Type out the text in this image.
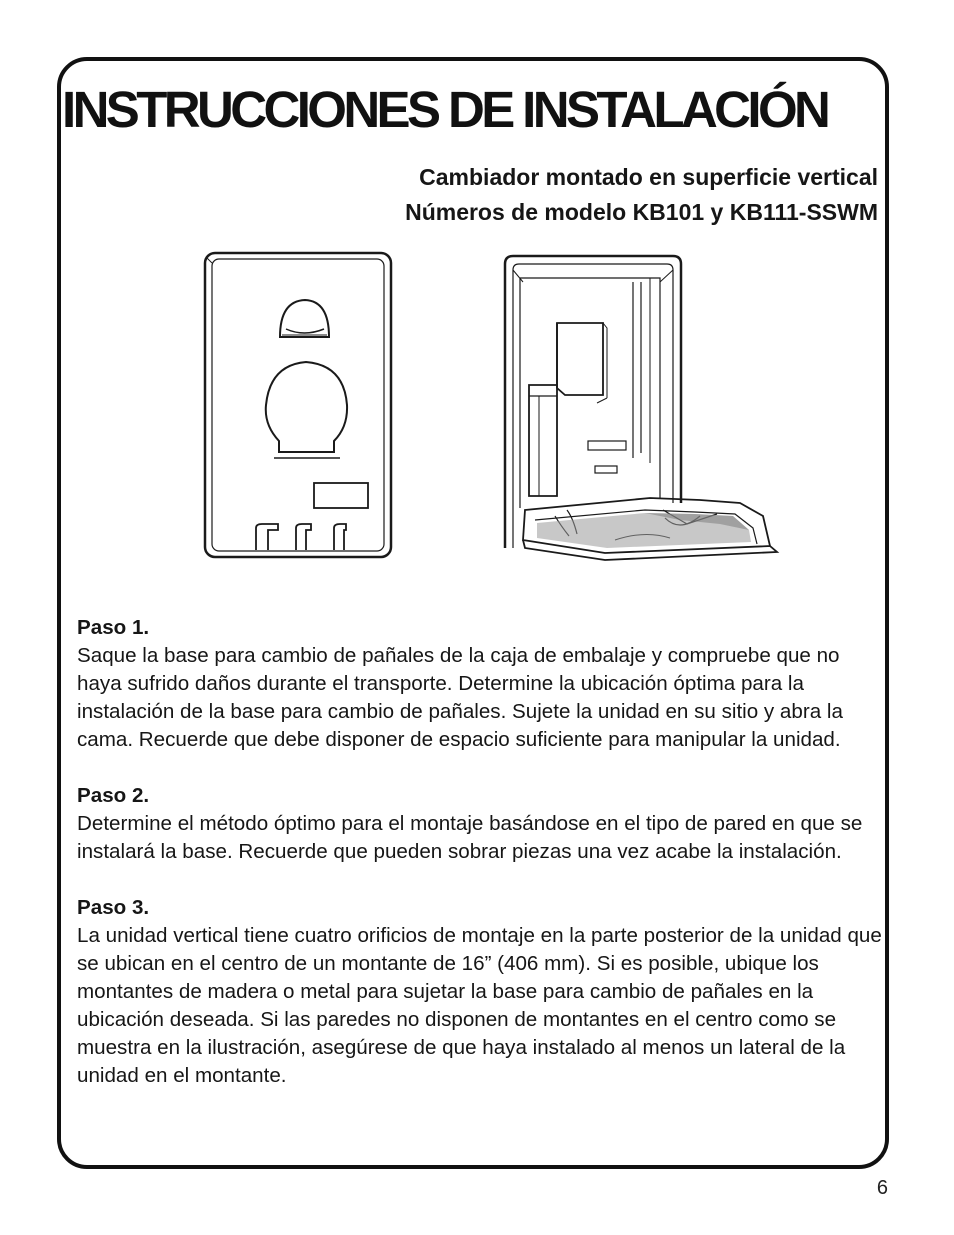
INSTRUCCIONES DE INSTALACIÓN
Cambiador montado en superficie vertical
Números de modelo KB101 y KB111-SSWM
Paso 1.

Saque la base para cambio de pañales de la caja de embalaje y compruebe que no haya sufrido daños durante el transporte. Determine la ubicación óptima para la instalación de la base para cambio de pañales. Sujete la unidad en su sitio y abra la cama. Recuerde que debe disponer de espacio suficiente para manipular la unidad.

Paso 2.

Determine el método óptimo para el montaje basándose en el tipo de pared en que se instalará la base. Recuerde que pueden sobrar piezas una vez acabe la instalación.

Paso 3.

La unidad vertical tiene cuatro orificios de montaje en la parte posterior de la unidad que se ubican en el centro de un montante de 16” (406 mm). Si es posible, ubique los montantes de madera o metal para sujetar la base para cambio de pañales en la ubicación deseada. Si las paredes no disponen de montantes en el centro como se muestra en la ilustración, asegúrese de que haya instalado al menos un lateral de la unidad en el montante.

6
